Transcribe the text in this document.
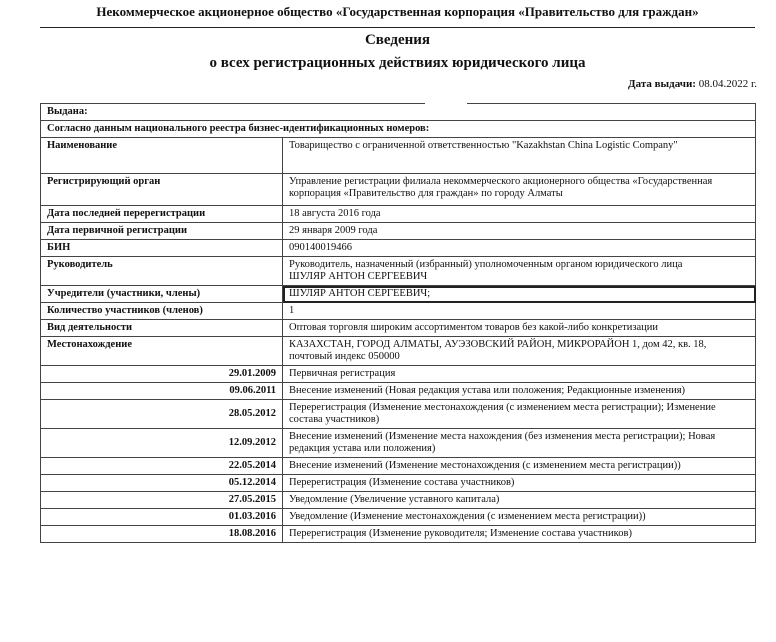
Некоммерческое акционерное общество «Государственная корпорация «Правительство для граждан»
Сведения
о всех регистрационных действиях юридического лица
Дата выдачи: 08.04.2022 г.
Выдана:	
Согласно данным национального реестра бизнес-идентификационных номеров:	
Наименование	Товарищество с ограниченной ответственностью "Kazakhstan China Logistic Company"
Регистрирующий орган	Управление регистрации филиала некоммерческого акционерного общества «Государственная корпорация «Правительство для граждан» по городу Алматы
Дата последней перерегистрации	18 августа 2016 года
Дата первичной регистрации	29 января 2009 года
БИН	090140019466
Руководитель	Руководитель, назначенный (избранный) уполномоченным органом юридического лица
ШУЛЯР АНТОН СЕРГЕЕВИЧ

Учредители (участники, члены)	ШУЛЯР АНТОН СЕРГЕЕВИЧ;
Количество участников (членов)	1
Вид деятельности	Оптовая торговля широким ассортиментом товаров без какой-либо конкретизации
Местонахождение	КАЗАХСТАН, ГОРОД АЛМАТЫ, АУЭЗОВСКИЙ РАЙОН, МИКРОРАЙОН 1, дом 42, кв. 18, почтовый индекс 050000
29.01.2009	Первичная регистрация
09.06.2011	Внесение изменений (Новая редакция устава или положения; Редакционные изменения)
28.05.2012	Перерегистрация (Изменение местонахождения (с изменением места регистрации); Изменение состава участников)
12.09.2012	Внесение изменений (Изменение места нахождения (без изменения места регистрации); Новая редакция устава или положения)
22.05.2014	Внесение изменений (Изменение местонахождения (с изменением места регистрации))
05.12.2014	Перерегистрация (Изменение состава участников)
27.05.2015	Уведомление (Увеличение уставного капитала)
01.03.2016	Уведомление (Изменение местонахождения (с изменением места регистрации))
18.08.2016	Перерегистрация (Изменение руководителя; Изменение состава участников)
